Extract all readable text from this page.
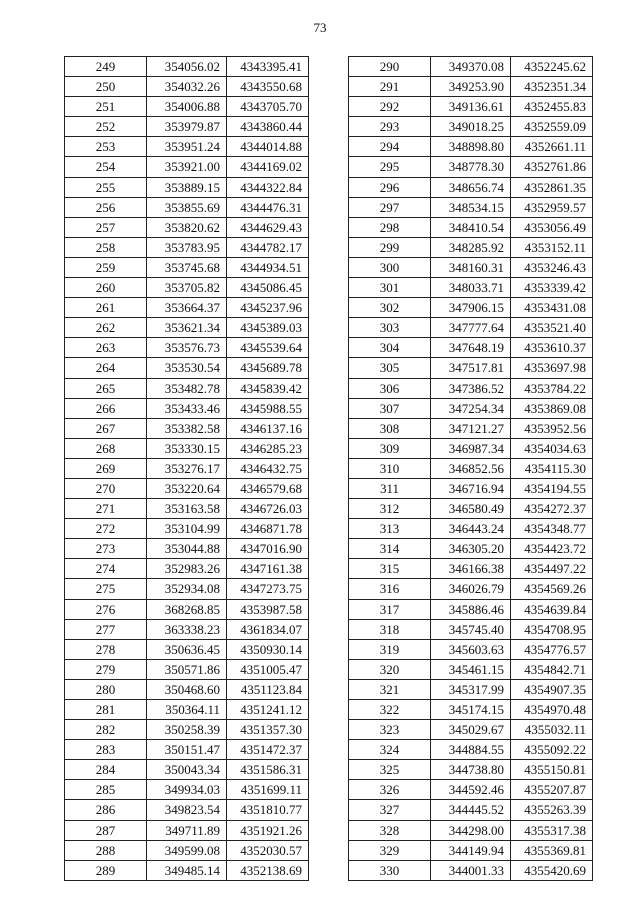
73
249	354056.02	4343395.41
250	354032.26	4343550.68
251	354006.88	4343705.70
252	353979.87	4343860.44
253	353951.24	4344014.88
254	353921.00	4344169.02
255	353889.15	4344322.84
256	353855.69	4344476.31
257	353820.62	4344629.43
258	353783.95	4344782.17
259	353745.68	4344934.51
260	353705.82	4345086.45
261	353664.37	4345237.96
262	353621.34	4345389.03
263	353576.73	4345539.64
264	353530.54	4345689.78
265	353482.78	4345839.42
266	353433.46	4345988.55
267	353382.58	4346137.16
268	353330.15	4346285.23
269	353276.17	4346432.75
270	353220.64	4346579.68
271	353163.58	4346726.03
272	353104.99	4346871.78
273	353044.88	4347016.90
274	352983.26	4347161.38
275	352934.08	4347273.75
276	368268.85	4353987.58
277	363338.23	4361834.07
278	350636.45	4350930.14
279	350571.86	4351005.47
280	350468.60	4351123.84
281	350364.11	4351241.12
282	350258.39	4351357.30
283	350151.47	4351472.37
284	350043.34	4351586.31
285	349934.03	4351699.11
286	349823.54	4351810.77
287	349711.89	4351921.26
288	349599.08	4352030.57
289	349485.14	4352138.69
290	349370.08	4352245.62
291	349253.90	4352351.34
292	349136.61	4352455.83
293	349018.25	4352559.09
294	348898.80	4352661.11
295	348778.30	4352761.86
296	348656.74	4352861.35
297	348534.15	4352959.57
298	348410.54	4353056.49
299	348285.92	4353152.11
300	348160.31	4353246.43
301	348033.71	4353339.42
302	347906.15	4353431.08
303	347777.64	4353521.40
304	347648.19	4353610.37
305	347517.81	4353697.98
306	347386.52	4353784.22
307	347254.34	4353869.08
308	347121.27	4353952.56
309	346987.34	4354034.63
310	346852.56	4354115.30
311	346716.94	4354194.55
312	346580.49	4354272.37
313	346443.24	4354348.77
314	346305.20	4354423.72
315	346166.38	4354497.22
316	346026.79	4354569.26
317	345886.46	4354639.84
318	345745.40	4354708.95
319	345603.63	4354776.57
320	345461.15	4354842.71
321	345317.99	4354907.35
322	345174.15	4354970.48
323	345029.67	4355032.11
324	344884.55	4355092.22
325	344738.80	4355150.81
326	344592.46	4355207.87
327	344445.52	4355263.39
328	344298.00	4355317.38
329	344149.94	4355369.81
330	344001.33	4355420.69
